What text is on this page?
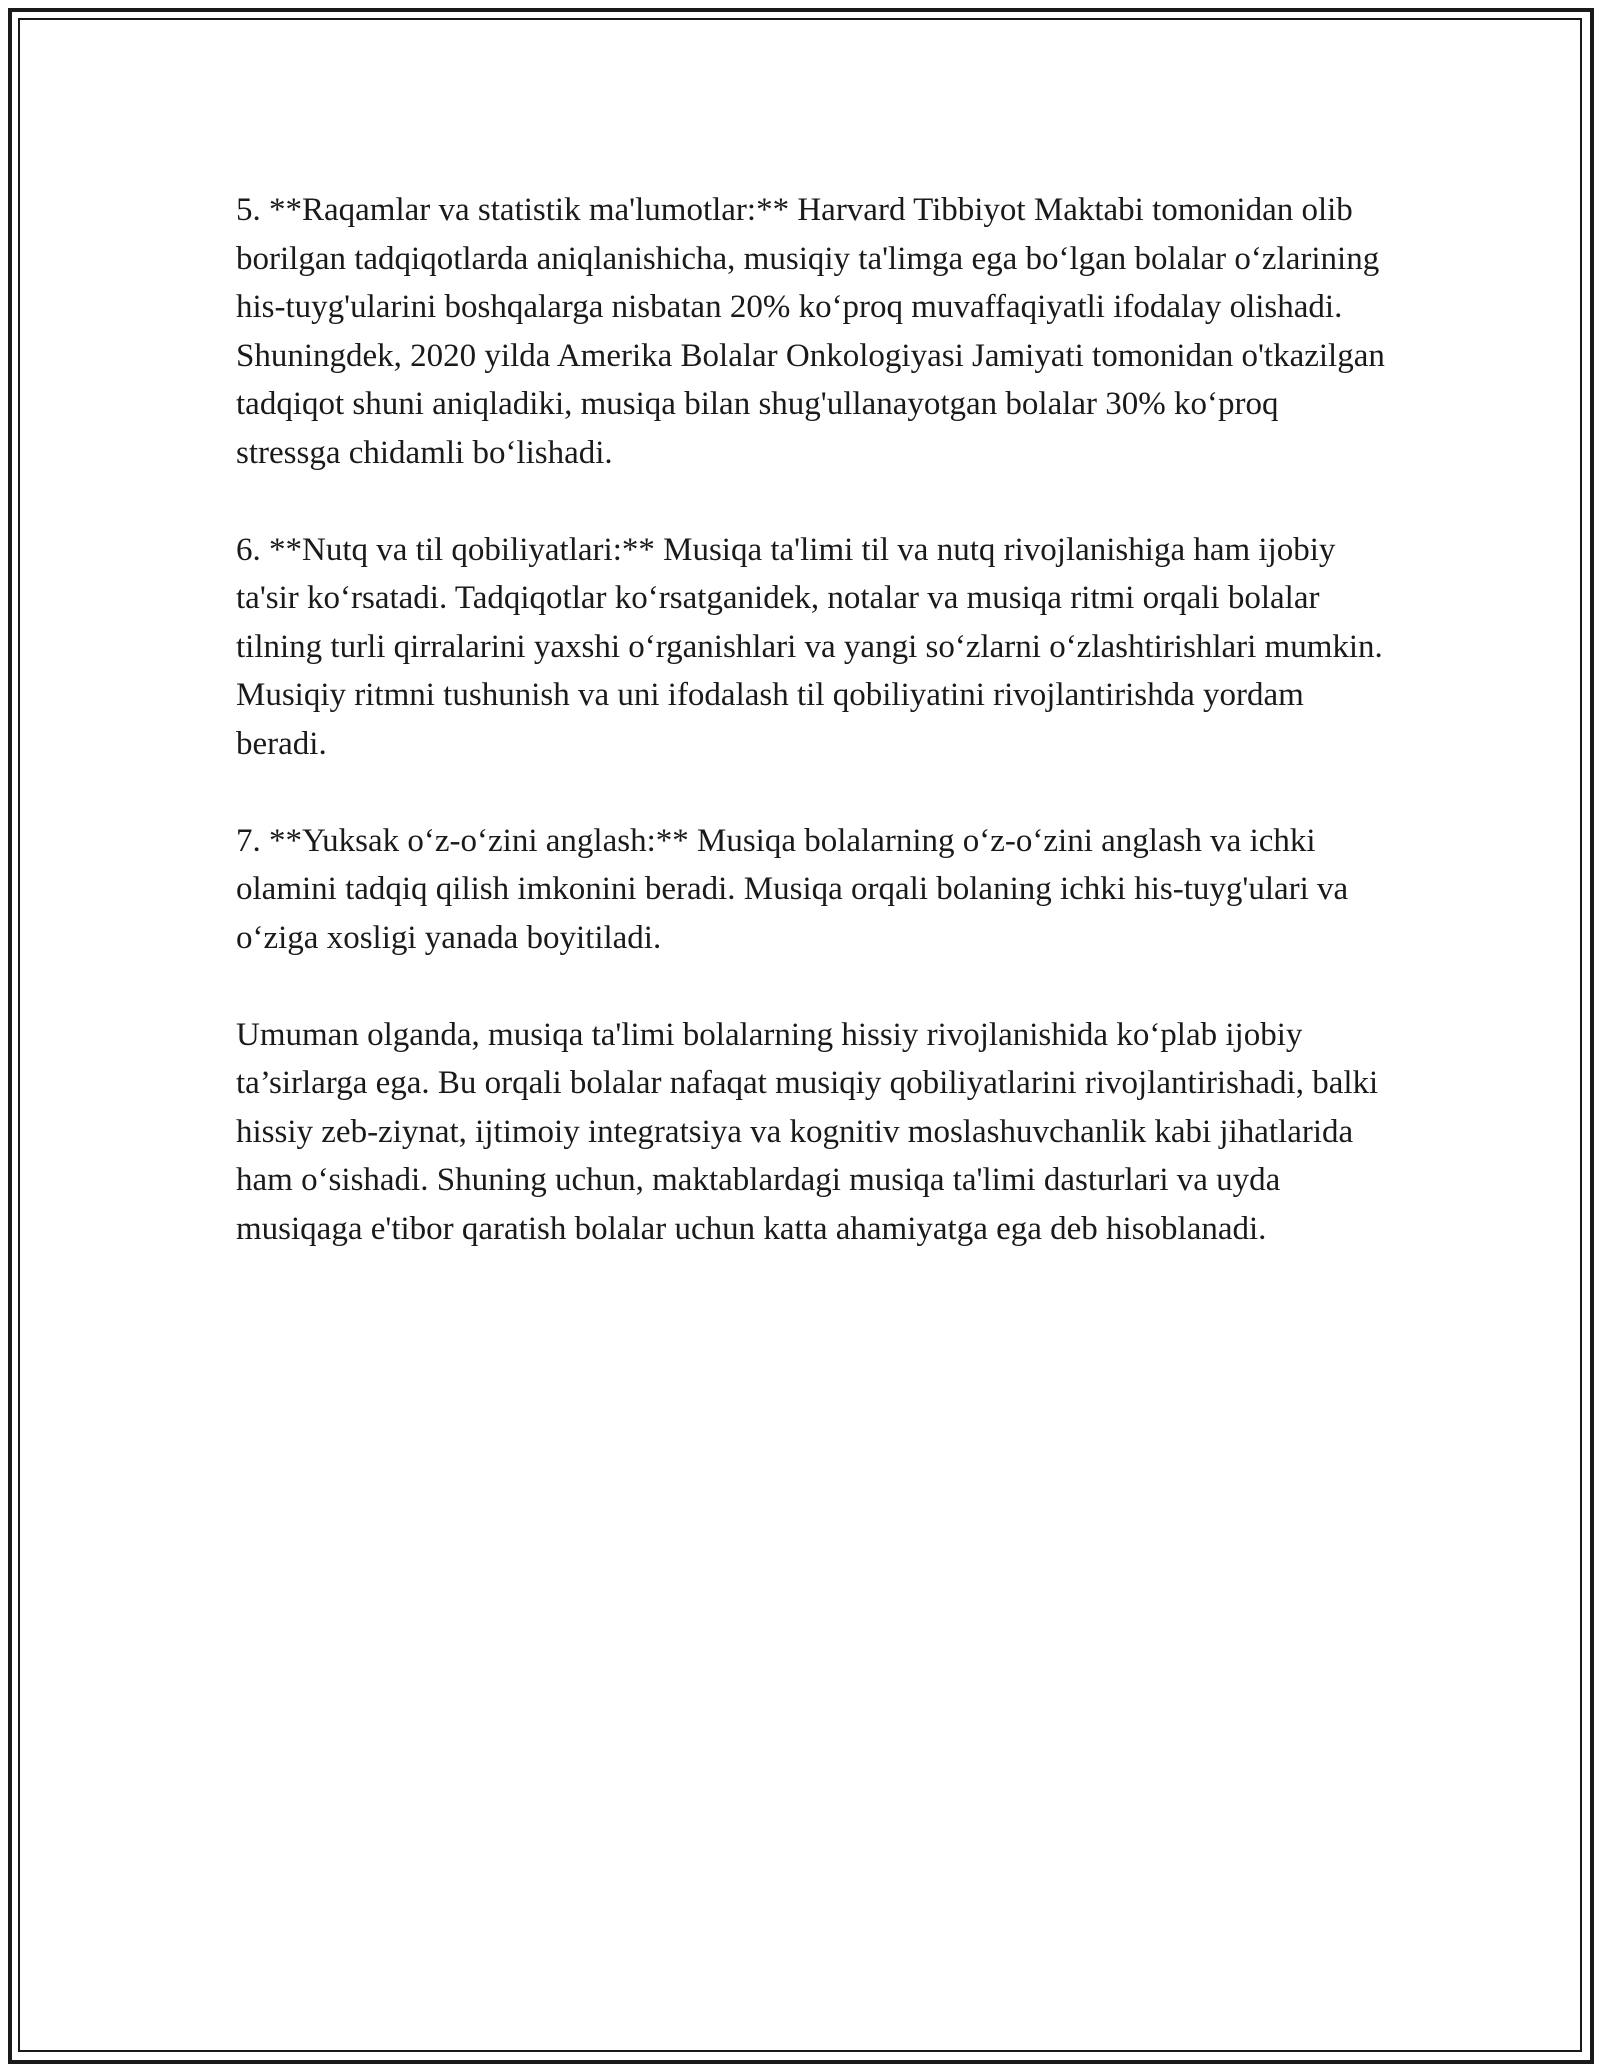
5. **Raqamlar va statistik ma'lumotlar:** Harvard Tibbiyot Maktabi tomonidan olib borilgan tadqiqotlarda aniqlanishicha, musiqiy ta'limga ega bo‘lgan bolalar o‘zlarining his-tuyg'ularini boshqalarga nisbatan 20% ko‘proq muvaffaqiyatli ifodalay olishadi. Shuningdek, 2020 yilda Amerika Bolalar Onkologiyasi Jamiyati tomonidan o'tkazilgan tadqiqot shuni aniqladiki, musiqa bilan shug'ullanayotgan bolalar 30% ko‘proq stressga chidamli bo‘lishadi.

6. **Nutq va til qobiliyatlari:** Musiqa ta'limi til va nutq rivojlanishiga ham ijobiy ta'sir ko‘rsatadi. Tadqiqotlar ko‘rsatganidek, notalar va musiqa ritmi orqali bolalar tilning turli qirralarini yaxshi o‘rganishlari va yangi so‘zlarni o‘zlashtirishlari mumkin. Musiqiy ritmni tushunish va uni ifodalash til qobiliyatini rivojlantirishda yordam beradi.

7. **Yuksak o‘z-o‘zini anglash:** Musiqa bolalarning o‘z-o‘zini anglash va ichki olamini tadqiq qilish imkonini beradi. Musiqa orqali bolaning ichki his-tuyg'ulari va o‘ziga xosligi yanada boyitiladi.

Umuman olganda, musiqa ta'limi bolalarning hissiy rivojlanishida ko‘plab ijobiy ta’sirlarga ega. Bu orqali bolalar nafaqat musiqiy qobiliyatlarini rivojlantirishadi, balki hissiy zeb-ziynat, ijtimoiy integratsiya va kognitiv moslashuvchanlik kabi jihatlarida ham o‘sishadi. Shuning uchun, maktablardagi musiqa ta'limi dasturlari va uyda musiqaga e'tibor qaratish bolalar uchun katta ahamiyatga ega deb hisoblanadi.
